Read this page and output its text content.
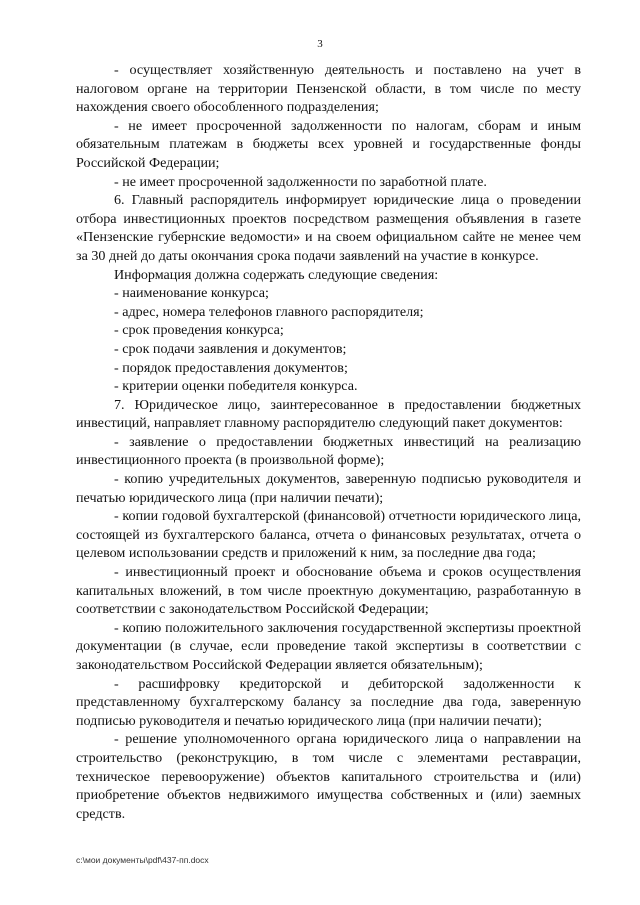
3

- осуществляет хозяйственную деятельность и поставлено на учет в налоговом органе на территории Пензенской области, в том числе по месту нахождения своего обособленного подразделения;

- не имеет просроченной задолженности по налогам, сборам и иным обязательным платежам в бюджеты всех уровней и государственные фонды Российской Федерации;

- не имеет просроченной задолженности по заработной плате.

6. Главный распорядитель информирует юридические лица о проведении отбора инвестиционных проектов посредством размещения объявления в газете «Пензенские губернские ведомости» и на своем официальном сайте не менее чем за 30 дней до даты окончания срока подачи заявлений на участие в конкурсе.

Информация должна содержать следующие сведения:

- наименование конкурса;

- адрес, номера телефонов главного распорядителя;

- срок проведения конкурса;

- срок подачи заявления и документов;

- порядок предоставления документов;

- критерии оценки победителя конкурса.

7. Юридическое лицо, заинтересованное в предоставлении бюджетных инвестиций, направляет главному распорядителю следующий пакет документов:

- заявление о предоставлении бюджетных инвестиций на реализацию инвестиционного проекта (в произвольной форме);

- копию учредительных документов, заверенную подписью руководителя и печатью юридического лица (при наличии печати);

- копии годовой бухгалтерской (финансовой) отчетности юридического лица, состоящей из бухгалтерского баланса, отчета о финансовых результатах, отчета о целевом использовании средств и приложений к ним, за последние два года;

- инвестиционный проект и обоснование объема и сроков осуществления капитальных вложений, в том числе проектную документацию, разработанную в соответствии с законодательством Российской Федерации;

- копию положительного заключения государственной экспертизы проектной документации (в случае, если проведение такой экспертизы в соответствии с законодательством Российской Федерации является обязательным);

- расшифровку кредиторской и дебиторской задолженности к представленному бухгалтерскому балансу за последние два года, заверенную подписью руководителя и печатью юридического лица (при наличии печати);

- решение уполномоченного органа юридического лица о направлении на строительство (реконструкцию, в том числе с элементами реставрации, техническое перевооружение) объектов капитального строительства и (или) приобретение объектов недвижимого имущества собственных и (или) заемных средств.

c:\мои документы\pdf\437-пп.docx
